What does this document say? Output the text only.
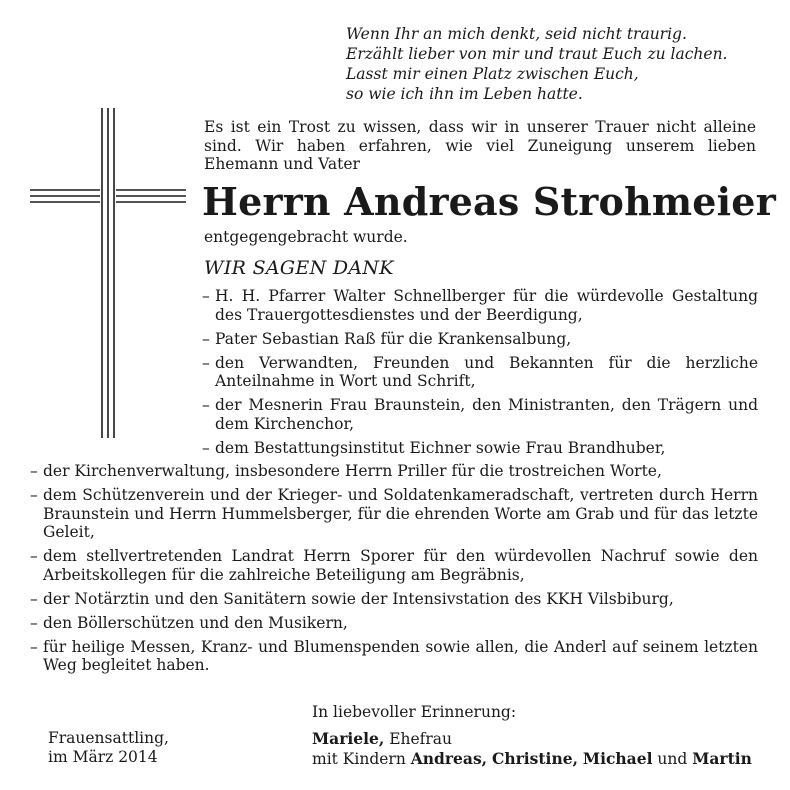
Wenn Ihr an mich denkt, seid nicht traurig.
Erzählt lieber von mir und traut Euch zu lachen.
Lasst mir einen Platz zwischen Euch,
so wie ich ihn im Leben hatte.
Es ist ein Trost zu wissen, dass wir in unserer Trauer nicht alleine sind. Wir haben erfahren, wie viel Zuneigung unserem lieben Ehemann und Vater
Herrn Andreas Strohmeier
entgegengebracht wurde.
WIR SAGEN DANK
– H. H. Pfarrer Walter Schnellberger für die würdevolle Gestaltung des Trauergottesdienstes und der Beerdigung,
– Pater Sebastian Raß für die Krankensalbung,
– den Verwandten, Freunden und Bekannten für die herzliche Anteilnahme in Wort und Schrift,
– der Mesnerin Frau Braunstein, den Ministranten, den Trägern und dem Kirchenchor,
– dem Bestattungsinstitut Eichner sowie Frau Brandhuber,
– der Kirchenverwaltung, insbesondere Herrn Priller für die trostreichen Worte,
– dem Schützenverein und der Krieger- und Soldatenkameradschaft, vertreten durch Herrn Braunstein und Herrn Hummelsberger, für die ehrenden Worte am Grab und für das letzte Geleit,
– dem stellvertretenden Landrat Herrn Sporer für den würdevollen Nachruf sowie den Arbeitskollegen für die zahlreiche Beteiligung am Begräbnis,
– der Notärztin und den Sanitätern sowie der Intensivstation des KKH Vilsbiburg,
– den Böllerschützen und den Musikern,
– für heilige Messen, Kranz- und Blumenspenden sowie allen, die Anderl auf seinem letzten Weg begleitet haben.
In liebevoller Erinnerung:
Frauensattling,
im März 2014
Mariele, Ehefrau
mit Kindern Andreas, Christine, Michael und Martin
